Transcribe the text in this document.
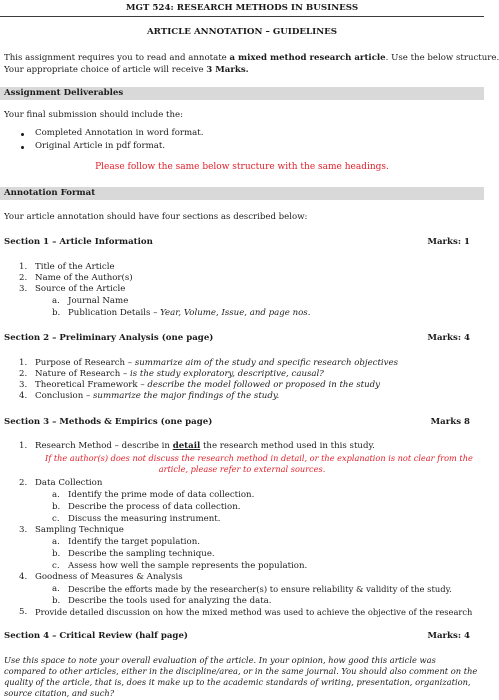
MGT 524: RESEARCH METHODS IN BUSINESS
ARTICLE ANNOTATION – GUIDELINES
This assignment requires you to read and annotate a mixed method research article. Use the below structure.
Your appropriate choice of article will receive 3 Marks.
Assignment Deliverables
Your final submission should include the:
Completed Annotation in word format.
Original Article in pdf format.
Please follow the same below structure with the same headings.
Annotation Format
Your article annotation should have four sections as described below:
Section 1 – Article Information	Marks: 1
1. Title of the Article
2. Name of the Author(s)
3. Source of the Article
a. Journal Name
b. Publication Details – Year, Volume, Issue, and page nos.
Section 2 – Preliminary Analysis (one page)	Marks: 4
1. Purpose of Research – summarize aim of the study and specific research objectives
2. Nature of Research – is the study exploratory, descriptive, causal?
3. Theoretical Framework – describe the model followed or proposed in the study
4. Conclusion – summarize the major findings of the study.
Section 3 – Methods & Empirics (one page)	Marks 8
1. Research Method – describe in detail the research method used in this study.
If the author(s) does not discuss the research method in detail, or the explanation is not clear from the
article, please refer to external sources.
2. Data Collection
a. Identify the prime mode of data collection.
b. Describe the process of data collection.
c. Discuss the measuring instrument.
3. Sampling Technique
a. Identify the target population.
b. Describe the sampling technique.
c. Assess how well the sample represents the population.
4. Goodness of Measures & Analysis
a. Describe the efforts made by the researcher(s) to ensure reliability & validity of the study.
b. Describe the tools used for analyzing the data.
5. Provide detailed discussion on how the mixed method was used to achieve the objective of the research
Section 4 – Critical Review (half page)	Marks: 4
Use this space to note your overall evaluation of the article. In your opinion, how good this article was compared to other articles, either in the discipline/area, or in the same journal. You should also comment on the quality of the article, that is, does it make up to the academic standards of writing, presentation, organization, source citation, and such?
